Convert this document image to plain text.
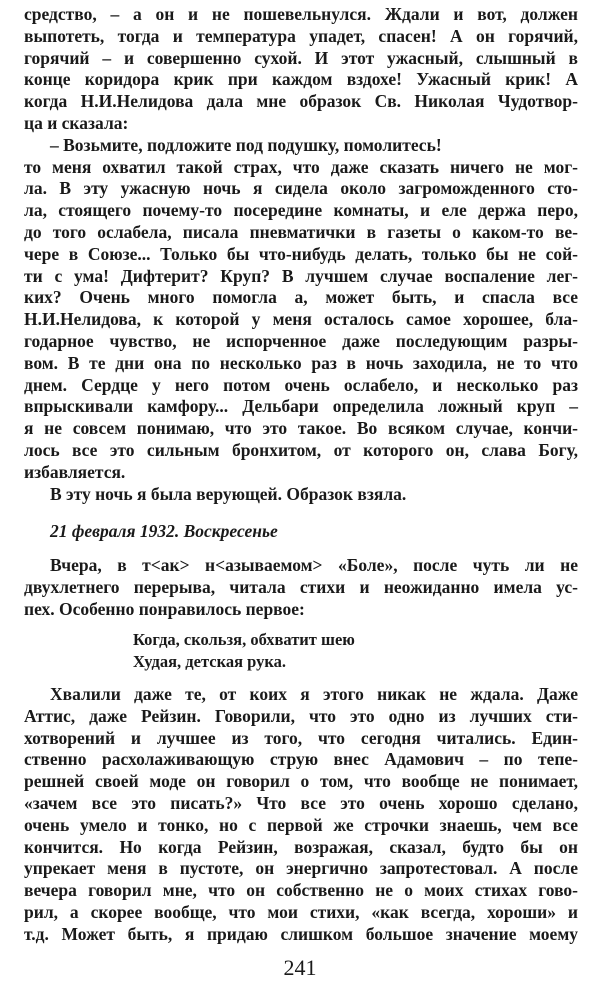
средство, – а он и не пошевельнулся. Ждали и вот, должен
выпотеть, тогда и температура упадет, спасен! А он горячий,
горячий – и совершенно сухой. И этот ужасный, слышный в
конце коридора крик при каждом вздохе! Ужасный крик! А
когда Н.И.Нелидова дала мне образок Св. Николая Чудотвор-
ца и сказала:
– Возьмите, подложите под подушку, помолитесь!
то меня охватил такой страх, что даже сказать ничего не мог-
ла. В эту ужасную ночь я сидела около загроможденного сто-
ла, стоящего почему-то посередине комнаты, и еле держа перо,
до того ослабела, писала пневматички в газеты о каком-то ве-
чере в Союзе... Только бы что-нибудь делать, только бы не сой-
ти с ума! Дифтерит? Круп? В лучшем случае воспаление лег-
ких? Очень много помогла а, может быть, и спасла все
Н.И.Нелидова, к которой у меня осталось самое хорошее, бла-
годарное чувство, не испорченное даже последующим разры-
вом. В те дни она по несколько раз в ночь заходила, не то что
днем. Сердце у него потом очень ослабело, и несколько раз
впрыскивали камфору... Дельбари определила ложный круп –
я не совсем понимаю, что это такое. Во всяком случае, кончи-
лось все это сильным бронхитом, от которого он, слава Богу,
избавляется.
В эту ночь я была верующей. Образок взяла.
21 февраля 1932. Воскресенье
Вчера, в т<ак> н<азываемом> «Боле», после чуть ли не
двухлетнего перерыва, читала стихи и неожиданно имела ус-
пех. Особенно понравилось первое:
Когда, скользя, обхватит шею
Худая, детская рука.
Хвалили даже те, от коих я этого никак не ждала. Даже
Аттис, даже Рейзин. Говорили, что это одно из лучших сти-
хотворений и лучшее из того, что сегодня читались. Един-
ственно расхолаживающую струю внес Адамович – по тепе-
решней своей моде он говорил о том, что вообще не понимает,
«зачем все это писать?» Что все это очень хорошо сделано,
очень умело и тонко, но с первой же строчки знаешь, чем все
кончится. Но когда Рейзин, возражая, сказал, будто бы он
упрекает меня в пустоте, он энергично запротестовал. А после
вечера говорил мне, что он собственно не о моих стихах гово-
рил, а скорее вообще, что мои стихи, «как всегда, хороши» и
т.д. Может быть, я придаю слишком большое значение моему
241
